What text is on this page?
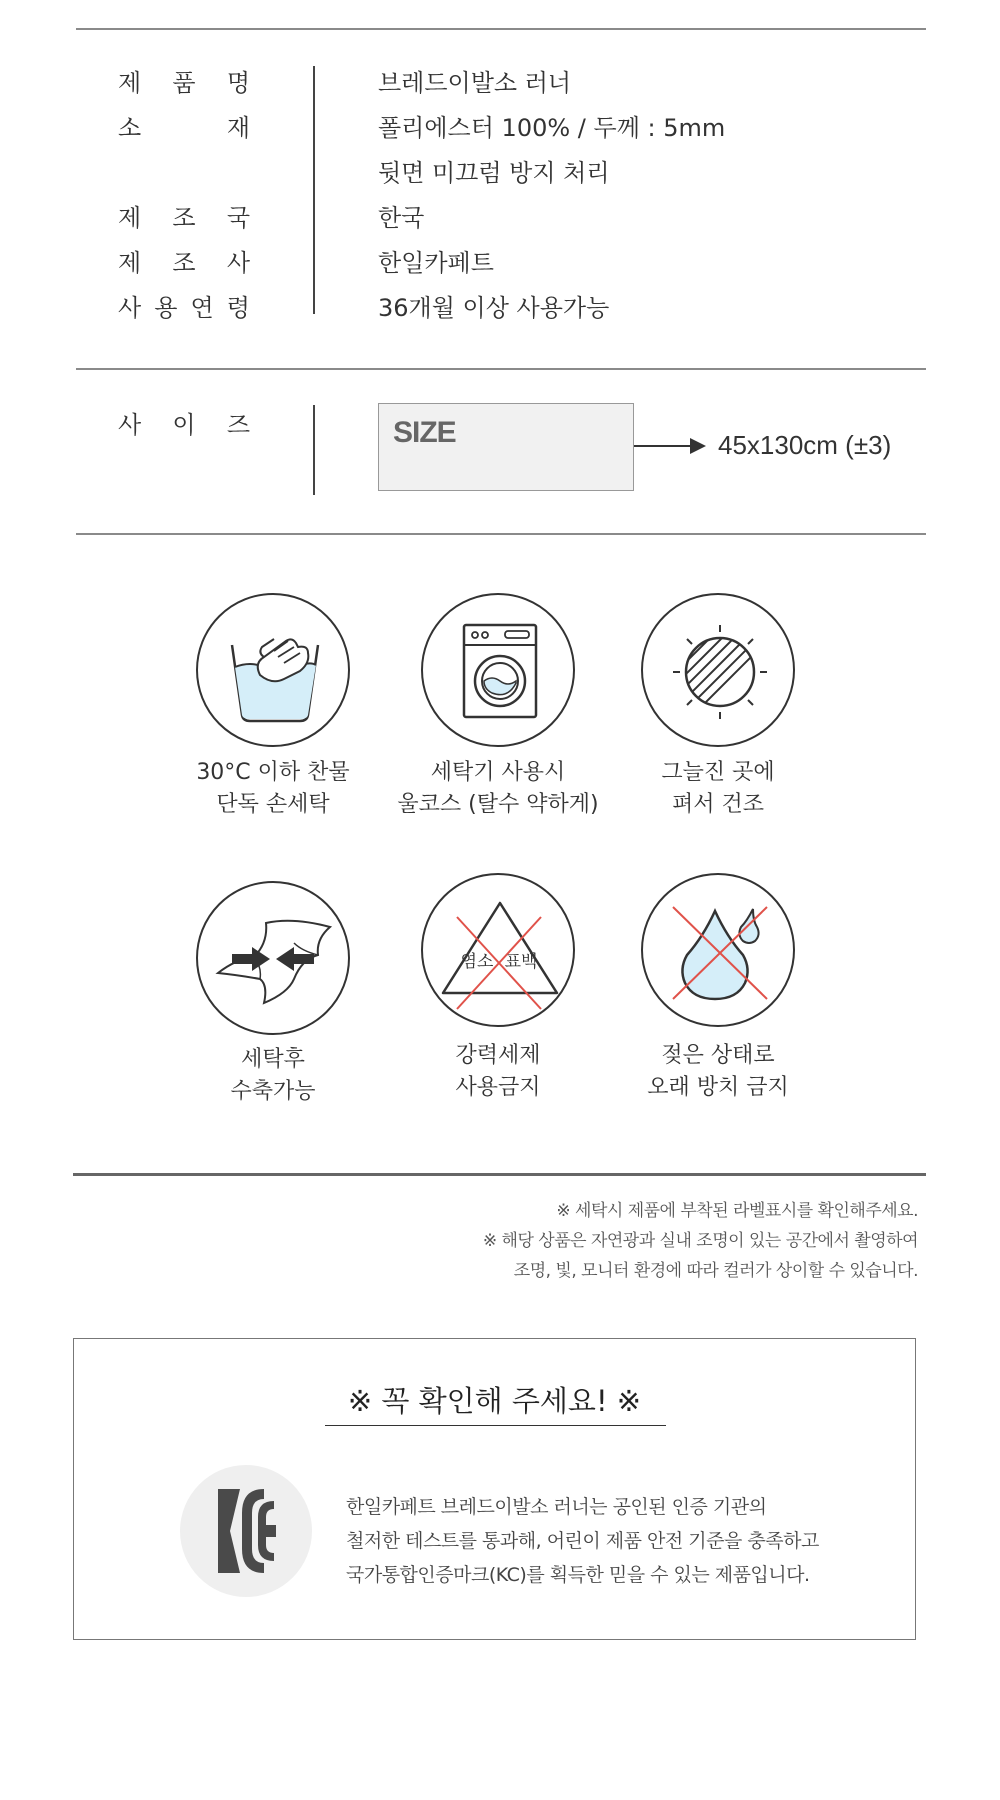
제 품 명	브레드이발소 러너
소	재	폴리에스터 100% / 두께 : 5mm
뒷면 미끄럼 방지 처리
제 조 국	한국
제 조 사	한일카페트
사 용 연 령	36개월 이상 사용가능
사 이 즈	SIZE	45x130cm (±3)
30°C 이하 찬물
단독 손세탁
세탁기 사용시
울코스 (탈수 약하게)
그늘진 곳에
펴서 건조
세탁후
수축가능
염소 표백
강력세제
사용금지
젖은 상태로
오래 방치 금지
※ 세탁시 제품에 부착된 라벨표시를 확인해주세요.
※ 해당 상품은 자연광과 실내 조명이 있는 공간에서 촬영하여
조명, 빛, 모니터 환경에 따라 컬러가 상이할 수 있습니다.
※ 꼭 확인해 주세요! ※
한일카페트 브레드이발소 러너는 공인된 인증 기관의
철저한 테스트를 통과해, 어린이 제품 안전 기준을 충족하고
국가통합인증마크(KC)를 획득한 믿을 수 있는 제품입니다.
